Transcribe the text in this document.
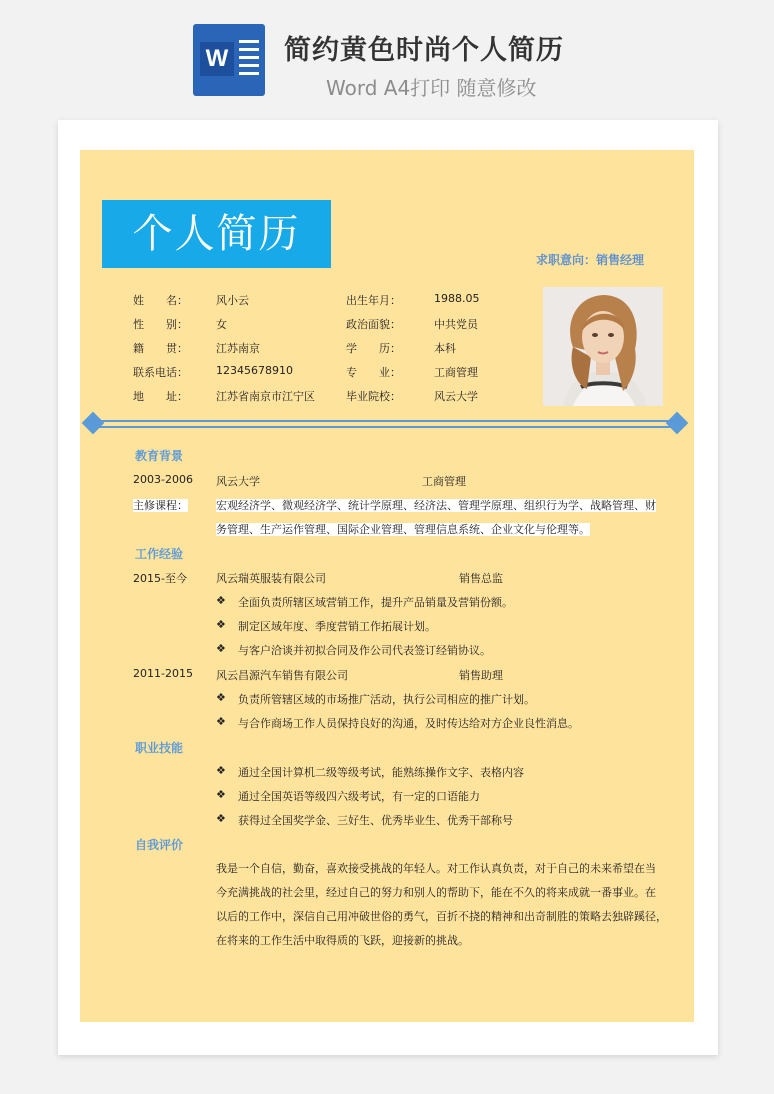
W 简约黄色时尚个人简历
Word A4打印 随意修改
个人简历
求职意向：销售经理
姓　　名：	风小云
性　　别：	女
籍　　贯：	江苏南京
联系电话：	12345678910
地　　址：	江苏省南京市江宁区
出生年月：	1988.05
政治面貌：	中共党员
学　　历：	本科
专　　业：	工商管理
毕业院校：	风云大学
教育背景
2003-2006 风云大学	工商管理
主修课程：	宏观经济学、微观经济学、统计学原理、经济法、管理学原理、组织行为学、战略管理、财
务管理、生产运作管理、国际企业管理、管理信息系统、企业文化与伦理等。
工作经验
2015-至今	风云瑞英服装有限公司	销售总监
❖ 全面负责所辖区域营销工作，提升产品销量及营销份额。
❖ 制定区域年度、季度营销工作拓展计划。
❖ 与客户洽谈并初拟合同及作公司代表签订经销协议。
2011-2015 风云昌源汽车销售有限公司	销售助理
❖ 负责所管辖区域的市场推广活动，执行公司相应的推广计划。
❖ 与合作商场工作人员保持良好的沟通，及时传达给对方企业良性消息。
职业技能
❖ 通过全国计算机二级等级考试，能熟练操作文字、表格内容
❖ 通过全国英语等级四六级考试，有一定的口语能力
❖ 获得过全国奖学金、三好生、优秀毕业生、优秀干部称号
自我评价
我是一个自信，勤奋，喜欢接受挑战的年轻人。对工作认真负责，对于自己的未来希望在当
今充满挑战的社会里，经过自己的努力和别人的帮助下，能在不久的将来成就一番事业。在
以后的工作中，深信自己用冲破世俗的勇气，百折不挠的精神和出奇制胜的策略去独辟蹊径，
在将来的工作生活中取得质的飞跃，迎接新的挑战。
